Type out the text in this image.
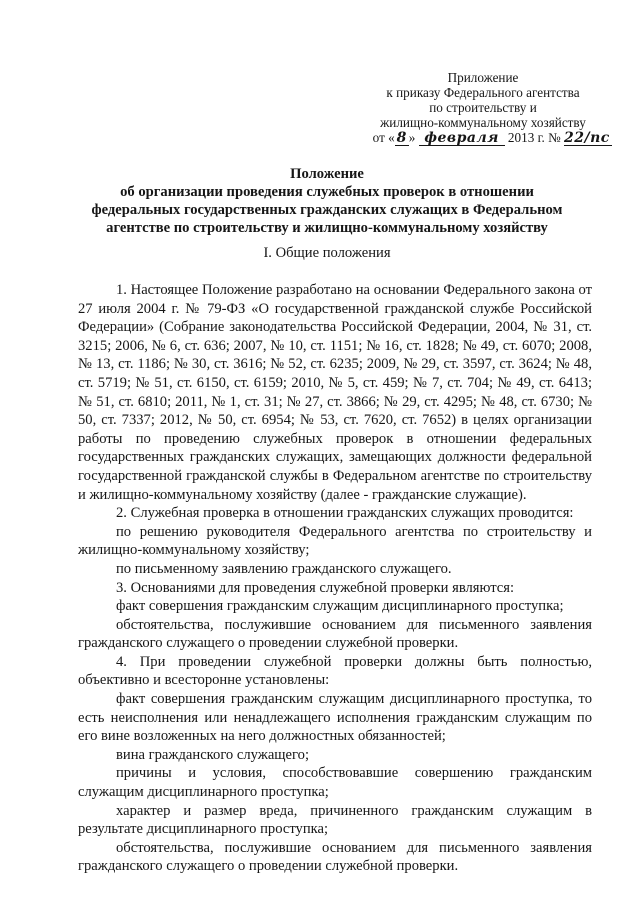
Приложение
к приказу Федерального агентства
по строительству и
жилищно-коммунальному хозяйству
от « 8 » февраля 2013 г. № 22/пс
Положение
об организации проведения служебных проверок в отношении
федеральных государственных гражданских служащих в Федеральном
агентстве по строительству и жилищно-коммунальному хозяйству
I. Общие положения

1. Настоящее Положение разработано на основании Федерального закона от 27 июля 2004 г. № 79-ФЗ «О государственной гражданской службе Российской Федерации» (Собрание законодательства Российской Федерации, 2004, № 31, ст. 3215; 2006, № 6, ст. 636; 2007, № 10, ст. 1151; № 16, ст. 1828; № 49, ст. 6070; 2008, № 13, ст. 1186; № 30, ст. 3616; № 52, ст. 6235; 2009, № 29, ст. 3597, ст. 3624; № 48, ст. 5719; № 51, ст. 6150, ст. 6159; 2010, № 5, ст. 459; № 7, ст. 704; № 49, ст. 6413; № 51, ст. 6810; 2011, № 1, ст. 31; № 27, ст. 3866; № 29, ст. 4295; № 48, ст. 6730; № 50, ст. 7337; 2012, № 50, ст. 6954; № 53, ст. 7620, ст. 7652) в целях организации работы по проведению служебных проверок в отношении федеральных государственных гражданских служащих, замещающих должности федеральной государственной гражданской службы в Федеральном агентстве по строительству и жилищно-коммунальному хозяйству (далее - гражданские служащие).

2. Служебная проверка в отношении гражданских служащих проводится:

по решению руководителя Федерального агентства по строительству и жилищно-коммунальному хозяйству;

по письменному заявлению гражданского служащего.

3. Основаниями для проведения служебной проверки являются:

факт совершения гражданским служащим дисциплинарного проступка;

обстоятельства, послужившие основанием для письменного заявления гражданского служащего о проведении служебной проверки.

4. При проведении служебной проверки должны быть полностью, объективно и всесторонне установлены:

факт совершения гражданским служащим дисциплинарного проступка, то есть неисполнения или ненадлежащего исполнения гражданским служащим по его вине возложенных на него должностных обязанностей;

вина гражданского служащего;

причины и условия, способствовавшие совершению гражданским служащим дисциплинарного проступка;

характер и размер вреда, причиненного гражданским служащим в результате дисциплинарного проступка;

обстоятельства, послужившие основанием для письменного заявления гражданского служащего о проведении служебной проверки.
